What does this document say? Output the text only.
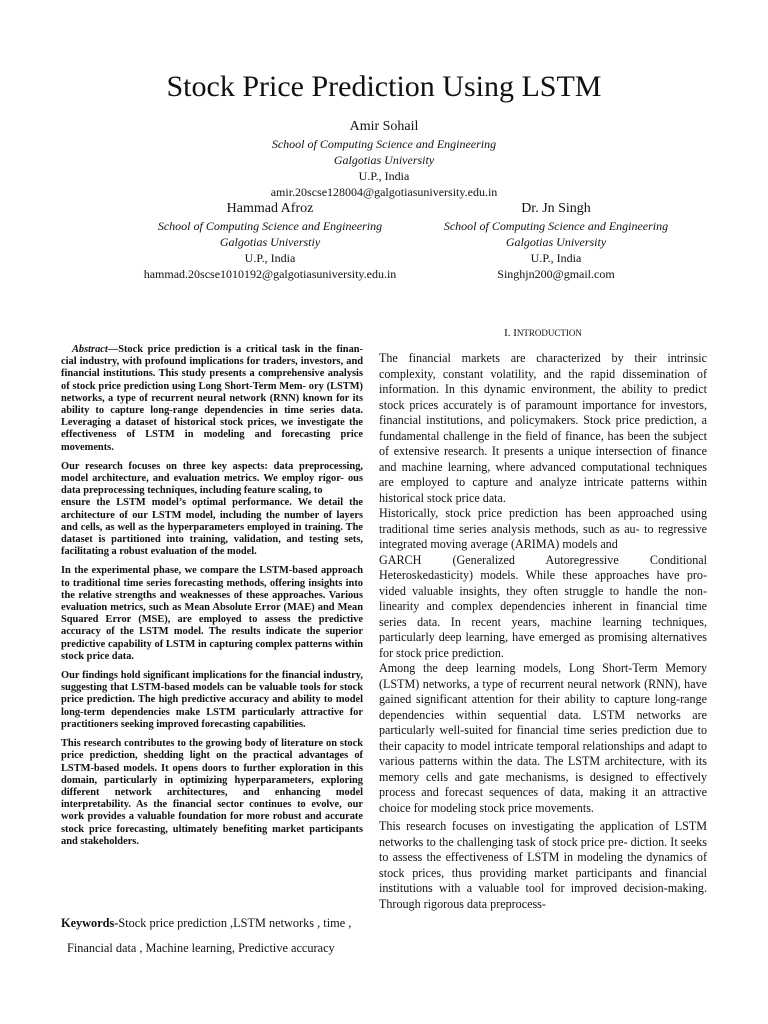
Stock Price Prediction Using LSTM
Amir Sohail
School of Computing Science and Engineering
Galgotias University
U.P., India
amir.20scse128004@galgotiasuniversity.edu.in
Hammad Afroz
School of Computing Science and Engineering
Galgotias Universtiy
U.P., India
hammad.20scse1010192@galgotiasuniversity.edu.in
Dr. Jn Singh
School of Computing Science and Engineering
Galgotias University
U.P., India
Singhjn200@gmail.com

Abstract—Stock price prediction is a critical task in the finan- cial industry, with profound implications for traders, investors, and financial institutions. This study presents a comprehensive analysis of stock price prediction using Long Short-Term Mem- ory (LSTM) networks, a type of recurrent neural network (RNN) known for its ability to capture long-range dependencies in time series data. Leveraging a dataset of historical stock prices, we investigate the effectiveness of LSTM in modeling and forecasting price movements.

Our research focuses on three key aspects: data preprocessing, model architecture, and evaluation metrics. We employ rigor- ous data preprocessing techniques, including feature scaling, to

ensure the LSTM model’s optimal performance. We detail the architecture of our LSTM model, including the number of layers and cells, as well as the hyperparameters employed in training. The dataset is partitioned into training, validation, and testing sets, facilitating a robust evaluation of the model.

In the experimental phase, we compare the LSTM-based approach to traditional time series forecasting methods, offering insights into the relative strengths and weaknesses of these approaches. Various evaluation metrics, such as Mean Absolute Error (MAE) and Mean Squared Error (MSE), are employed to assess the predictive accuracy of the LSTM model. The results indicate the superior predictive capability of LSTM in capturing complex patterns within stock price data.

Our findings hold significant implications for the financial industry, suggesting that LSTM-based models can be valuable tools for stock price prediction. The high predictive accuracy and ability to model long-term dependencies make LSTM particularly attractive for practitioners seeking improved forecasting capabilities.

This research contributes to the growing body of literature on stock price prediction, shedding light on the practical advantages of LSTM-based models. It opens doors to further exploration in this domain, particularly in optimizing hyperparameters, exploring different network architectures, and enhancing model interpretability. As the financial sector continues to evolve, our work provides a valuable foundation for more robust and accurate stock price forecasting, ultimately benefiting market participants and stakeholders.

Keywords-Stock price prediction ,LSTM networks , time ,
Financial data , Machine learning, Predictive accuracy
I. INTRODUCTION

The financial markets are characterized by their intrinsic complexity, constant volatility, and the rapid dissemination of information. In this dynamic environment, the ability to predict stock prices accurately is of paramount importance for investors, financial institutions, and policymakers. Stock price prediction, a fundamental challenge in the field of finance, has been the subject of extensive research. It presents a unique intersection of finance and machine learning, where advanced computational techniques are employed to capture and analyze intricate patterns within historical stock price data.

Historically, stock price prediction has been approached using traditional time series analysis methods, such as au- to regressive integrated moving average (ARIMA) models and

GARCH (Generalized Autoregressive Conditional Heteroskedasticity) models. While these approaches have pro- vided valuable insights, they often struggle to handle the non- linearity and complex dependencies inherent in financial time series data. In recent years, machine learning techniques, particularly deep learning, have emerged as promising alternatives for stock price prediction.

Among the deep learning models, Long Short-Term Memory (LSTM) networks, a type of recurrent neural network (RNN), have gained significant attention for their ability to capture long-range dependencies within sequential data. LSTM networks are particularly well-suited for financial time series prediction due to their capacity to model intricate temporal relationships and adapt to various patterns within the data. The LSTM architecture, with its memory cells and gate mechanisms, is designed to effectively process and forecast sequences of data, making it an attractive choice for modeling stock price movements.

This research focuses on investigating the application of LSTM networks to the challenging task of stock price pre- diction. It seeks to assess the effectiveness of LSTM in modeling the dynamics of stock prices, thus providing market participants and financial institutions with a valuable tool for improved decision-making. Through rigorous data preprocess-
